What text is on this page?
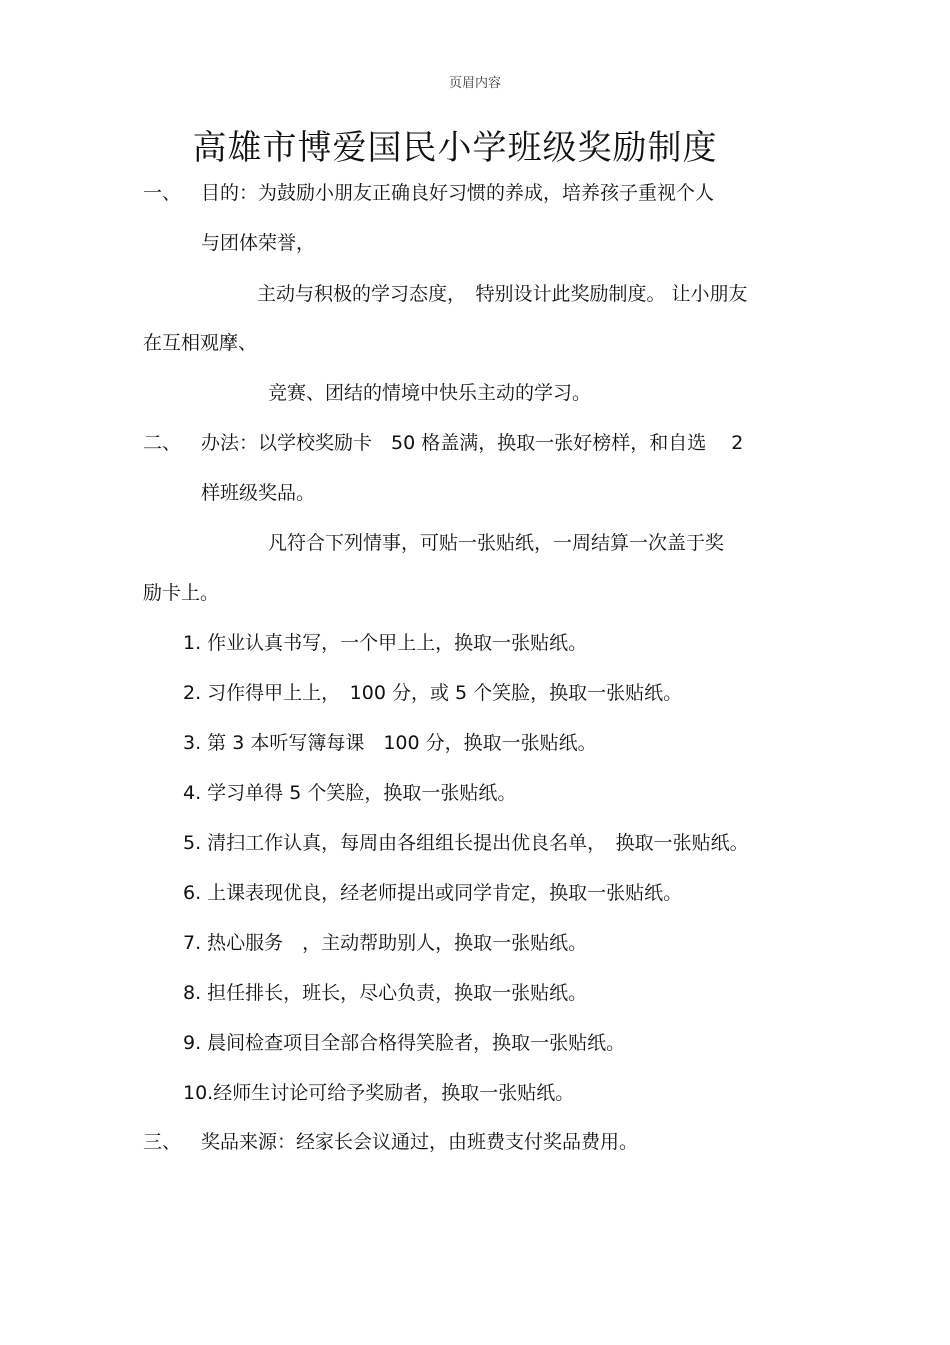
页眉内容
高雄市博爱国民小学班级奖励制度
一、 目的：为鼓励小朋友正确良好习惯的养成，培养孩子重视个人
与团体荣誉，
主动与积极的学习态度，　特别设计此奖励制度。 让小朋友
在互相观摩、
竞赛、团结的情境中快乐主动的学习。
二、 办法：以学校奖励卡　50 格盖满，换取一张好榜样，和自选　 2
样班级奖品。
凡符合下列情事，可贴一张贴纸，一周结算一次盖于奖
励卡上。
1. 作业认真书写，一个甲上上，换取一张贴纸。
2. 习作得甲上上，　100 分，或 5 个笑脸，换取一张贴纸。
3. 第 3 本听写簿每课　100 分，换取一张贴纸。
4. 学习单得 5 个笑脸，换取一张贴纸。
5. 清扫工作认真，每周由各组组长提出优良名单，　换取一张贴纸。
6. 上课表现优良，经老师提出或同学肯定，换取一张贴纸。
7. 热心服务　，主动帮助别人，换取一张贴纸。
8. 担任排长，班长，尽心负责，换取一张贴纸。
9. 晨间检查项目全部合格得笑脸者，换取一张贴纸。
10.经师生讨论可给予奖励者，换取一张贴纸。
三、 奖品来源：经家长会议通过，由班费支付奖品费用。
